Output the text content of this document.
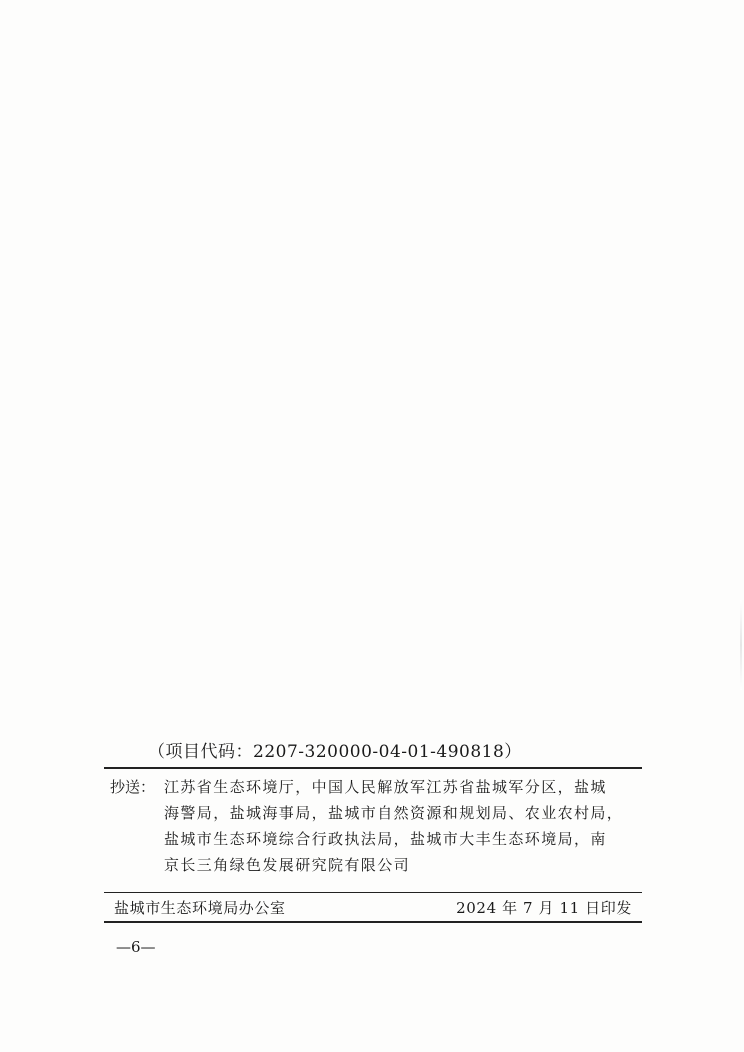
（项目代码：2207-320000-04-01-490818）
抄送： 江苏省生态环境厅，中国人民解放军江苏省盐城军分区，盐城
海警局，盐城海事局，盐城市自然资源和规划局、农业农村局，
盐城市生态环境综合行政执法局，盐城市大丰生态环境局，南
京长三角绿色发展研究院有限公司
盐城市生态环境局办公室	2024 年 7 月 11 日印发
—6—
